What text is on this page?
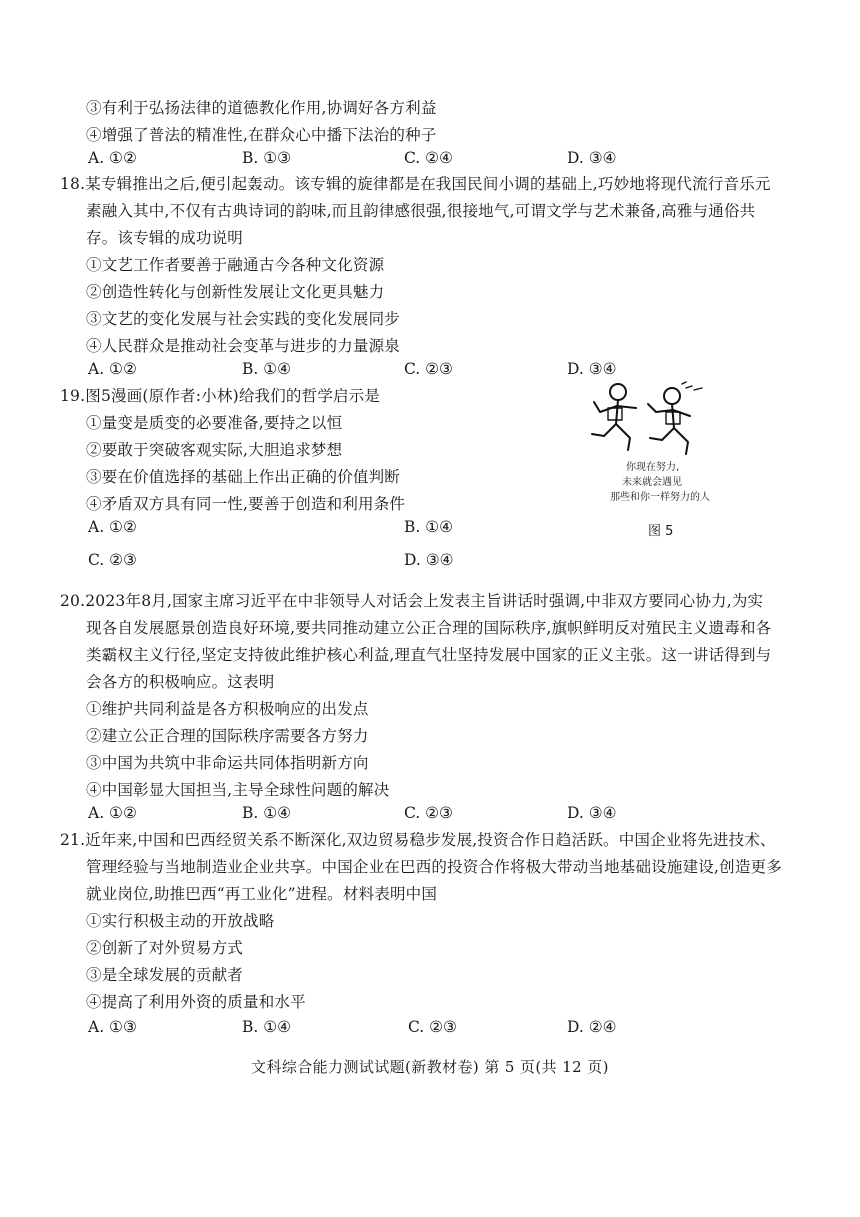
③有利于弘扬法律的道德教化作用,协调好各方利益
④增强了普法的精准性,在群众心中播下法治的种子
A. ①②	B. ①③	C. ②④	D. ③④
18.某专辑推出之后,便引起轰动。该专辑的旋律都是在我国民间小调的基础上,巧妙地将现代流行音乐元
素融入其中,不仅有古典诗词的韵味,而且韵律感很强,很接地气,可谓文学与艺术兼备,高雅与通俗共
存。该专辑的成功说明
①文艺工作者要善于融通古今各种文化资源
②创造性转化与创新性发展让文化更具魅力
③文艺的变化发展与社会实践的变化发展同步
④人民群众是推动社会变革与进步的力量源泉
A. ①②	B. ①④	C. ②③	D. ③④
19.图5漫画(原作者:小林)给我们的哲学启示是
①量变是质变的必要准备,要持之以恒
②要敢于突破客观实际,大胆追求梦想
③要在价值选择的基础上作出正确的价值判断
④矛盾双方具有同一性,要善于创造和利用条件
A. ①②	B. ①④
C. ②③	D. ③④
你现在努力,
未来就会遇见
那些和你一样努力的人
图 5
20.2023年8月,国家主席习近平在中非领导人对话会上发表主旨讲话时强调,中非双方要同心协力,为实
现各自发展愿景创造良好环境,要共同推动建立公正合理的国际秩序,旗帜鲜明反对殖民主义遗毒和各
类霸权主义行径,坚定支持彼此维护核心利益,理直气壮坚持发展中国家的正义主张。这一讲话得到与
会各方的积极响应。这表明
①维护共同利益是各方积极响应的出发点
②建立公正合理的国际秩序需要各方努力
③中国为共筑中非命运共同体指明新方向
④中国彰显大国担当,主导全球性问题的解决
A. ①②	B. ①④	C. ②③	D. ③④
21.近年来,中国和巴西经贸关系不断深化,双边贸易稳步发展,投资合作日趋活跃。中国企业将先进技术、
管理经验与当地制造业企业共享。中国企业在巴西的投资合作将极大带动当地基础设施建设,创造更多
就业岗位,助推巴西“再工业化”进程。材料表明中国
①实行积极主动的开放战略
②创新了对外贸易方式
③是全球发展的贡献者
④提高了利用外资的质量和水平
A. ①③	B. ①④	C. ②③	D. ②④
文科综合能力测试试题(新教材卷) 第 5 页(共 12 页)
